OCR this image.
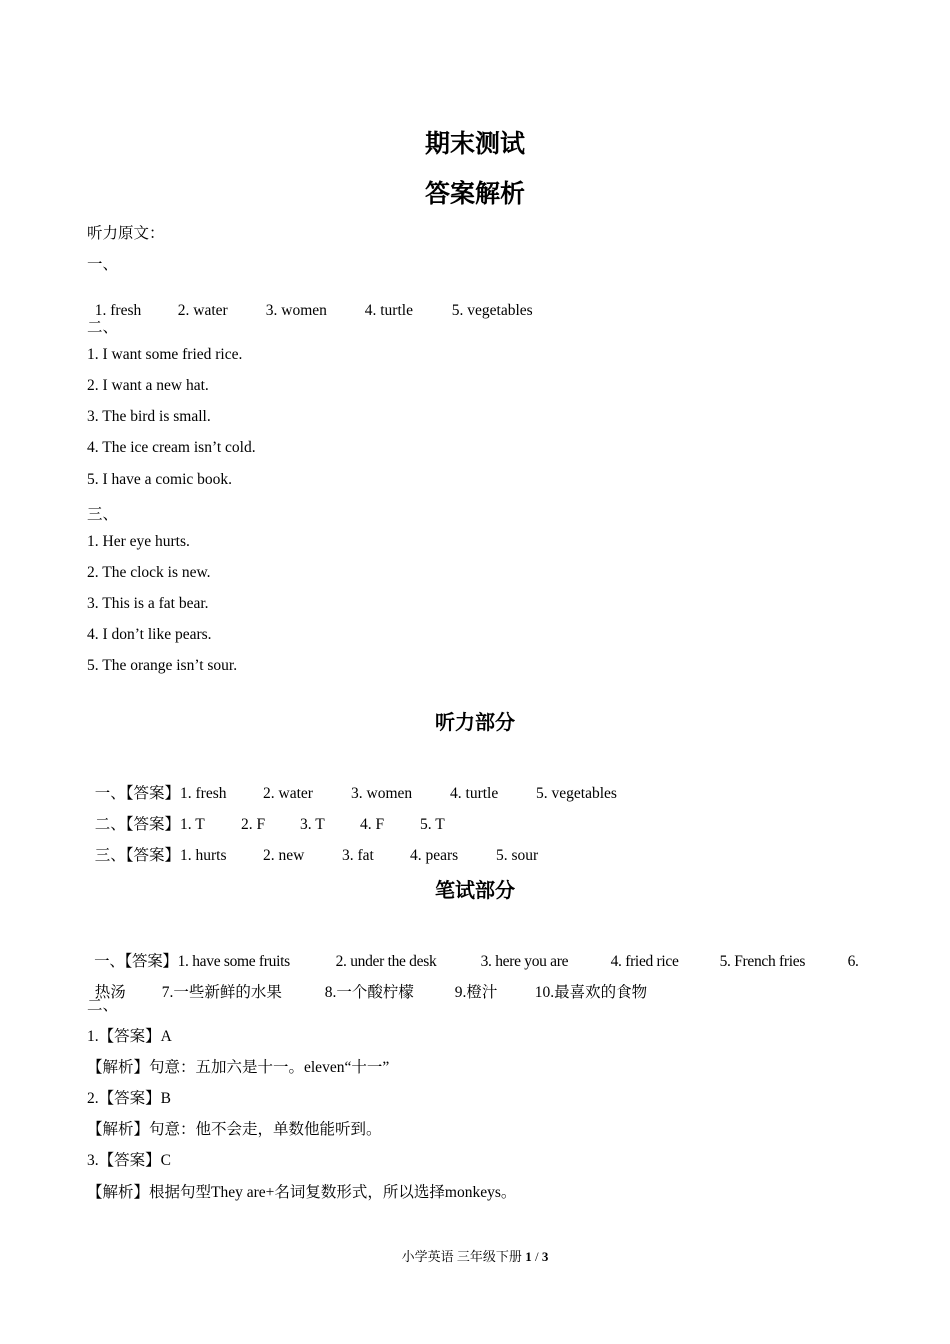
期末测试
答案解析
听力原文：
一、

1. fresh 2. water 3. women 4. turtle	5. vegetables

二、
1. I want some fried rice.
2. I want a new hat.
3. The bird is small.
4. The ice cream isn’t cold.
5. I have a comic book.
三、
1. Her eye hurts.
2. The clock is new.
3. This is a fat bear.
4. I don’t like pears.
5. The orange isn’t sour.
听力部分

一、【答案】1. fresh 2. water 3. women 4. turtle 5. vegetables

二、【答案】1. T 2. F 3. T 4. F 5. T

三、【答案】1. hurts 2. new 3. fat 4. pears 5. sour

笔试部分

一、【答案】1. have some fruits	2. under the desk	3. here you are	4. fried rice	5. French fries	6.

热汤 7.一些新鲜的水果	8.一个酸柠檬	9.橙汁 10.最喜欢的食物

二、
1.【答案】A
【解析】句意：五加六是十一。eleven“十一”
2.【答案】B
【解析】句意：他不会走，单数他能听到。
3.【答案】C
【解析】根据句型They are+名词复数形式，所以选择monkeys。
小学英语 三年级下册 1 / 3
